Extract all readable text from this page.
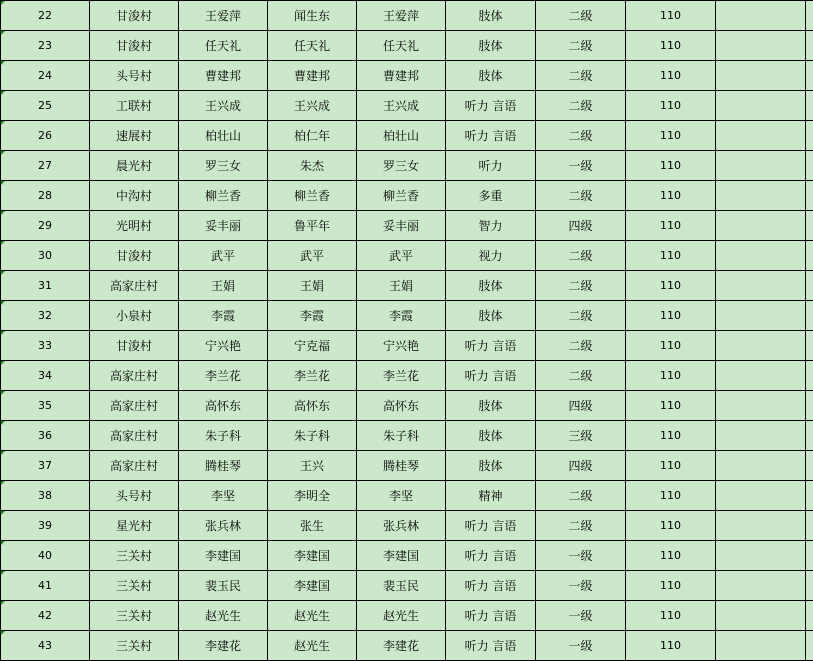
22	甘浚村	王爱萍	闻生东	王爱萍	肢体	二级	110		
23	甘浚村	任天礼	任天礼	任天礼	肢体	二级	110		
24	头号村	曹建邦	曹建邦	曹建邦	肢体	二级	110		
25	工联村	王兴成	王兴成	王兴成	听力 言语	二级	110		
26	速展村	柏壮山	柏仁年	柏壮山	听力 言语	二级	110		
27	晨光村	罗三女	朱杰	罗三女	听力	一级	110		
28	中沟村	柳兰香	柳兰香	柳兰香	多重	二级	110		
29	光明村	妥丰丽	鲁平年	妥丰丽	智力	四级	110		
30	甘浚村	武平	武平	武平	视力	二级	110		
31	高家庄村	王娟	王娟	王娟	肢体	二级	110		
32	小泉村	李霞	李霞	李霞	肢体	二级	110		
33	甘浚村	宁兴艳	宁克福	宁兴艳	听力 言语	二级	110		
34	高家庄村	李兰花	李兰花	李兰花	听力 言语	二级	110		
35	高家庄村	高怀东	高怀东	高怀东	肢体	四级	110		
36	高家庄村	朱子科	朱子科	朱子科	肢体	三级	110		
37	高家庄村	腾桂琴	王兴	腾桂琴	肢体	四级	110		
38	头号村	李坚	李明全	李坚	精神	二级	110		
39	星光村	张兵林	张生	张兵林	听力 言语	二级	110		
40	三关村	李建国	李建国	李建国	听力 言语	一级	110		
41	三关村	裴玉民	李建国	裴玉民	听力 言语	一级	110		
42	三关村	赵光生	赵光生	赵光生	听力 言语	一级	110		
43	三关村	李建花	赵光生	李建花	听力 言语	一级	110		
